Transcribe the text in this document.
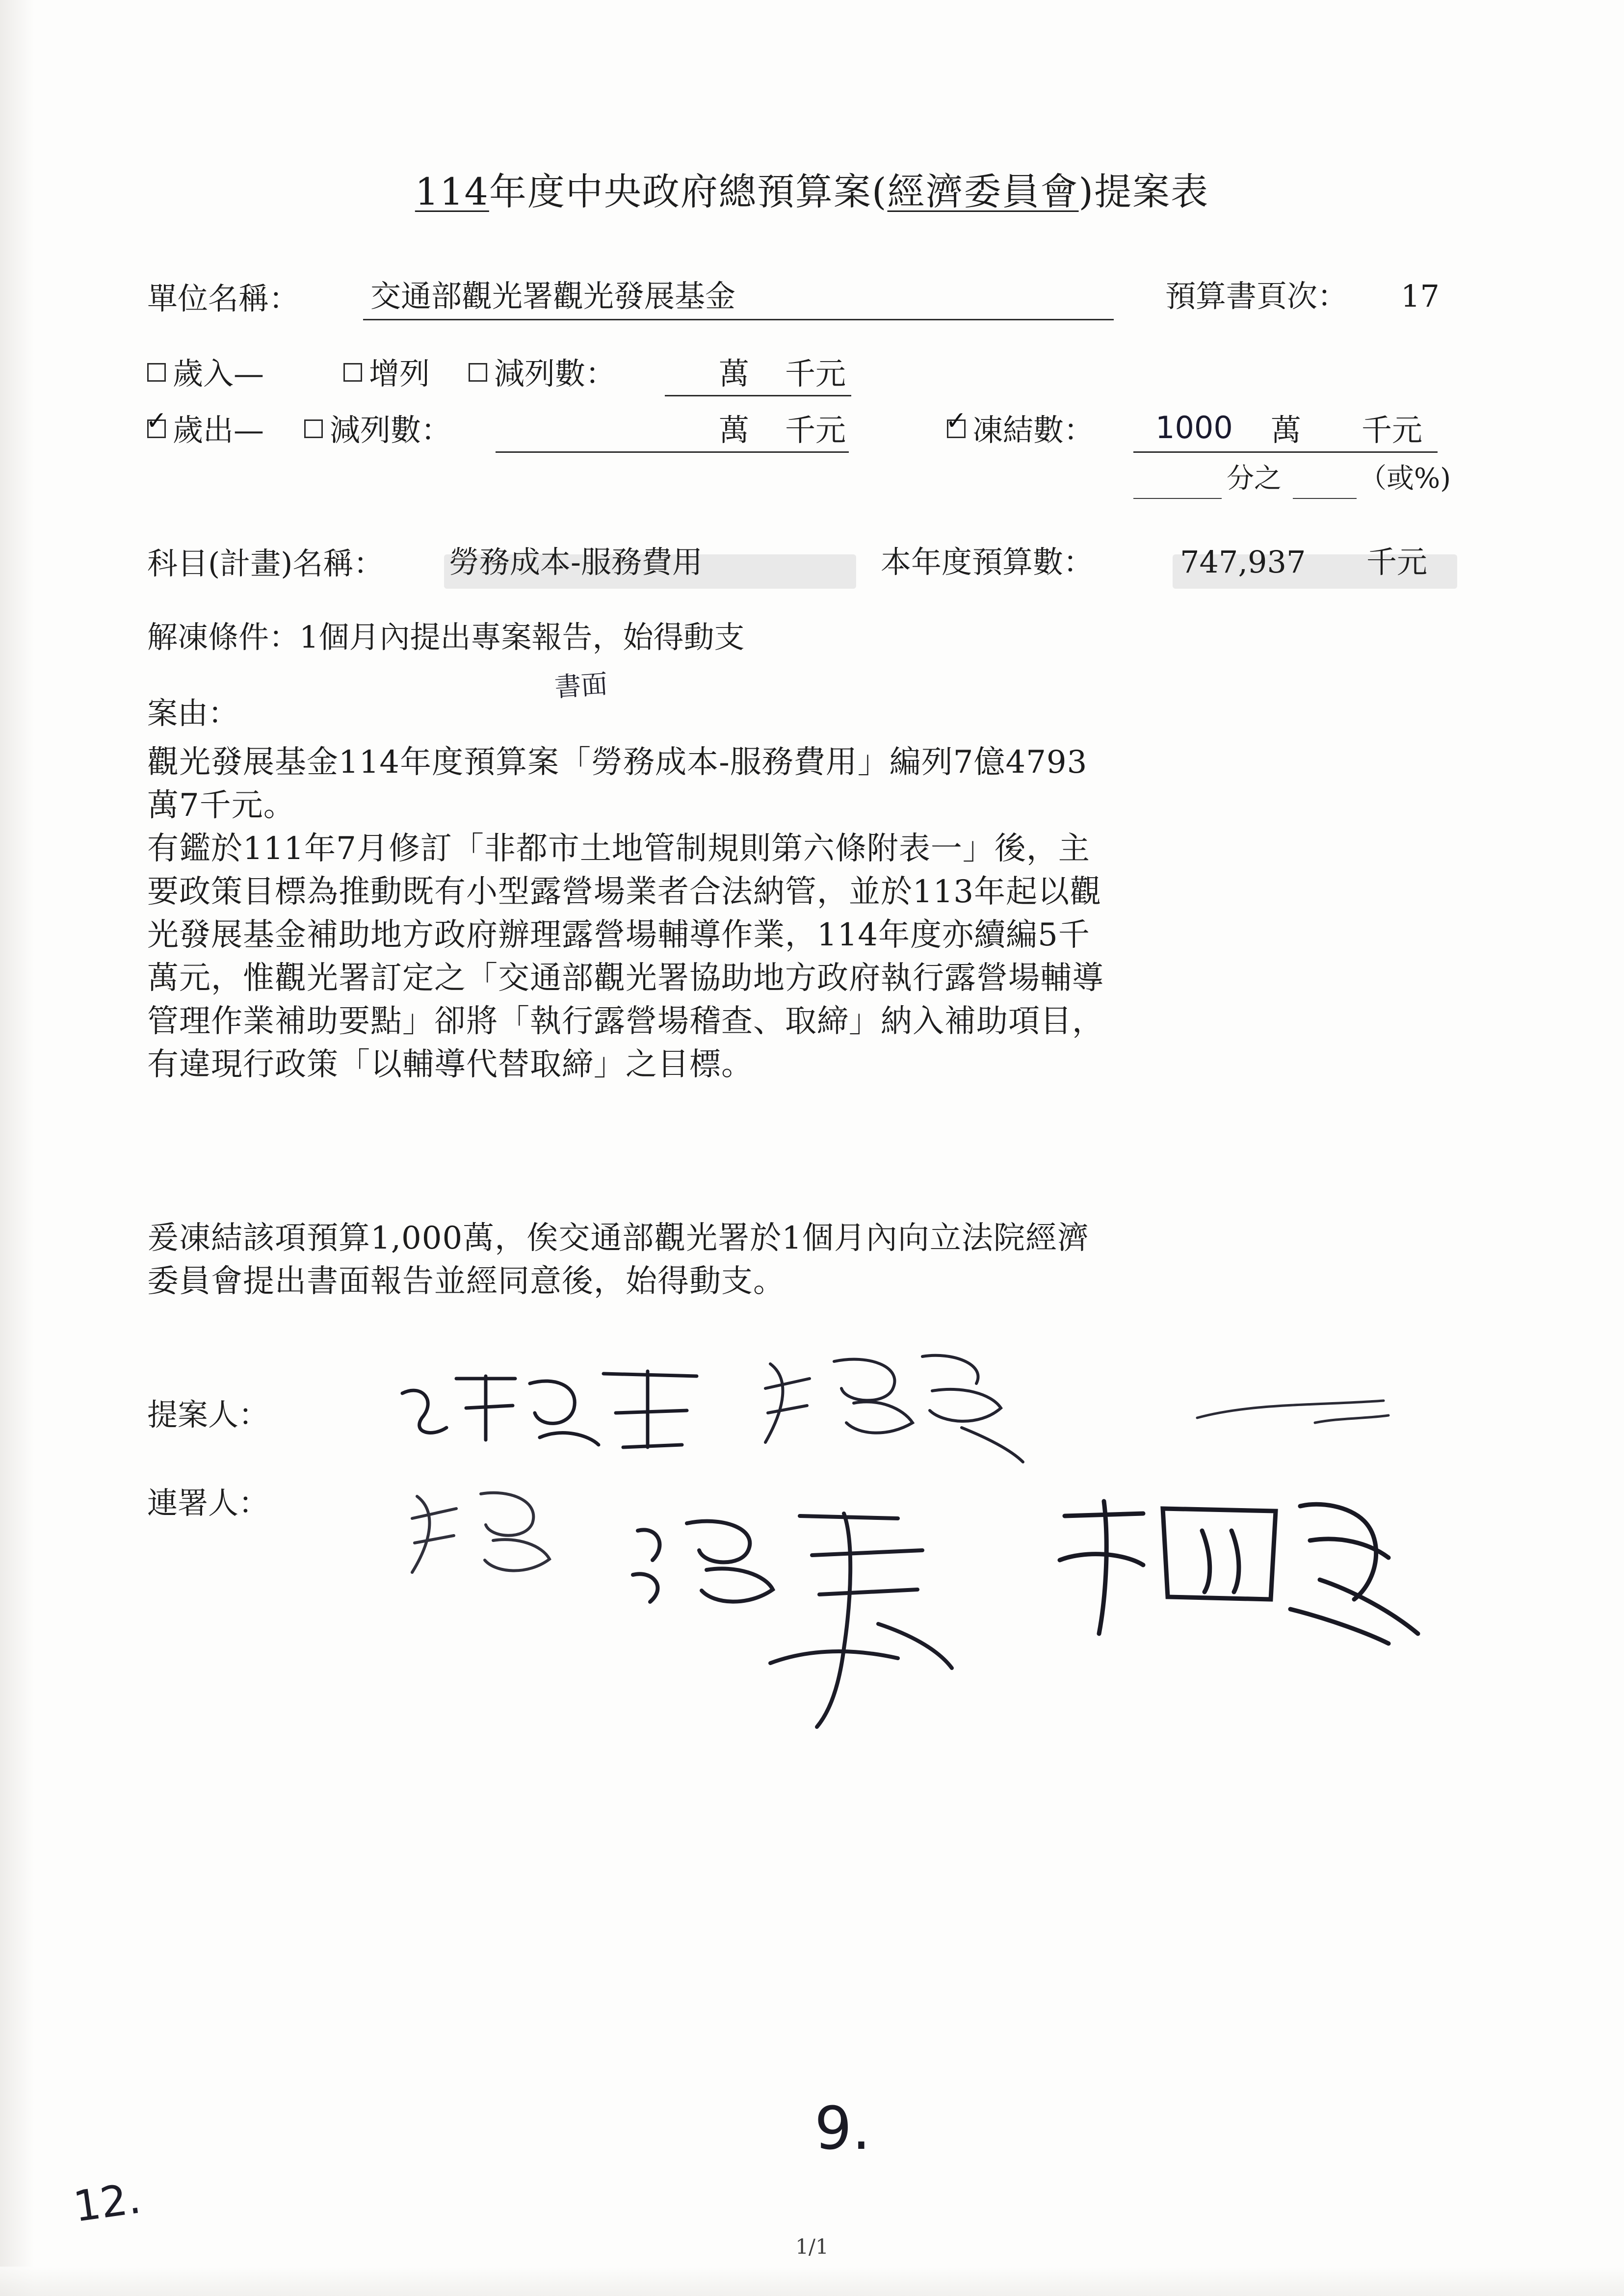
114年度中央政府總預算案(經濟委員會)提案表
單位名稱： 交通部觀光署觀光發展基金	預算書頁次： 17
歲入—	增列 減列數：	萬 千元
✓ 歲出— 減列數：	萬 千元	✓ 凍結數： 1000 萬 千元
分之	（或%)
科目(計畫)名稱： 勞務成本-服務費用	本年度預算數：	747,937 千元
解凍條件：1個月內提出專案報告，始得動支
書面
案由：
觀光發展基金114年度預算案「勞務成本-服務費用」編列7億4793
萬7千元。
有鑑於111年7月修訂「非都市土地管制規則第六條附表一」後，主
要政策目標為推動既有小型露營場業者合法納管，並於113年起以觀
光發展基金補助地方政府辦理露營場輔導作業，114年度亦續編5千
萬元，惟觀光署訂定之「交通部觀光署協助地方政府執行露營場輔導
管理作業補助要點」卻將「執行露營場稽查、取締」納入補助項目，
有違現行政策「以輔導代替取締」之目標。
爰凍結該項預算1,000萬，俟交通部觀光署於1個月內向立法院經濟
委員會提出書面報告並經同意後，始得動支。
提案人：
連署人：
9.
1/1
12.
